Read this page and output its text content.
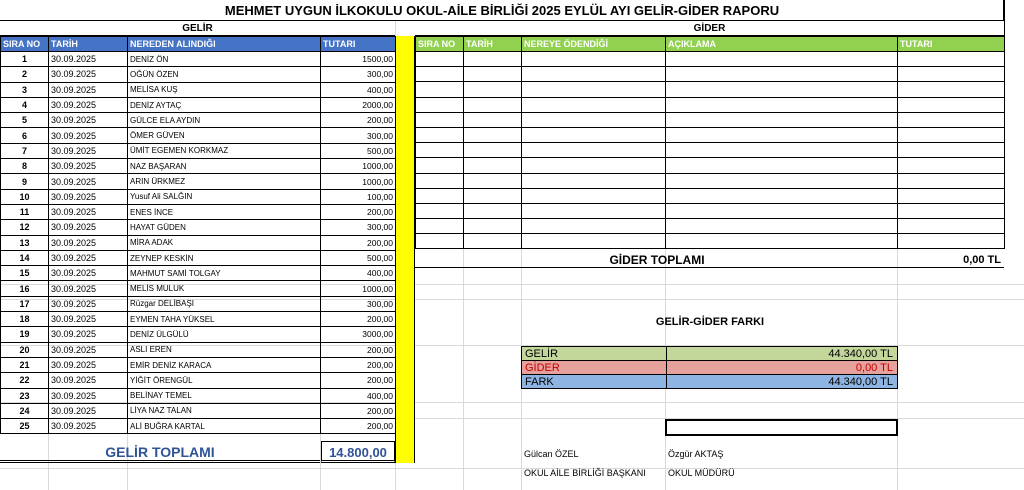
MEHMET UYGUN İLKOKULU OKUL-AİLE BİRLİĞİ 2025 EYLÜL AYI GELİR-GİDER RAPORU
GELİR	GİDER
SIRA NO	TARİH	NEREDEN ALINDIĞI	TUTARI
1	30.09.2025	DENİZ ÖN	1500,00
2	30.09.2025	OĞÜN ÖZEN	300,00
3	30.09.2025	MELİSA KUŞ	400,00
4	30.09.2025	DENİZ AYTAÇ	2000,00
5	30.09.2025	GÜLCE ELA AYDIN	200,00
6	30.09.2025	ÖMER GÜVEN	300,00
7	30.09.2025	ÜMİT EGEMEN KORKMAZ	500,00
8	30.09.2025	NAZ BAŞARAN	1000,00
9	30.09.2025	ARIN ÜRKMEZ	1000,00
10	30.09.2025	Yusuf Ali SALĞIN	100,00
11	30.09.2025	ENES İNCE	200,00
12	30.09.2025	HAYAT GÜDEN	300,00
13	30.09.2025	MİRA ADAK	200,00
14	30.09.2025	ZEYNEP KESKİN	500,00
15	30.09.2025	MAHMUT SAMİ TOLGAY	400,00
16	30.09.2025	MELİS MULUK	1000,00
17	30.09.2025	Rüzgar DELİBAŞI	300,00
18	30.09.2025	EYMEN TAHA YÜKSEL	200,00
19	30.09.2025	DENİZ ÜLGÜLÜ	3000,00
20	30.09.2025	ASLI EREN	200,00
21	30.09.2025	EMİR DENİZ KARACA	200,00
22	30.09.2025	YİĞİT ÖRENGÜL	200,00
23	30.09.2025	BELİNAY TEMEL	400,00
24	30.09.2025	LİYA NAZ TALAN	200,00
25	30.09.2025	ALİ BUĞRA KARTAL	200,00
GELİR TOPLAMI	14.800,00
SIRA NO	TARİH	NEREYE ÖDENDİĞİ	AÇIKLAMA	TUTARI

GİDER TOPLAMI	0,00 TL
GELİR-GİDER FARKI
GELİR	44.340,00 TL
GİDER	0,00 TL
FARK	44.340,00 TL
Gülcan ÖZEL
OKUL AİLE BİRLİĞİ BAŞKANI
Özgür AKTAŞ
OKUL MÜDÜRÜ
